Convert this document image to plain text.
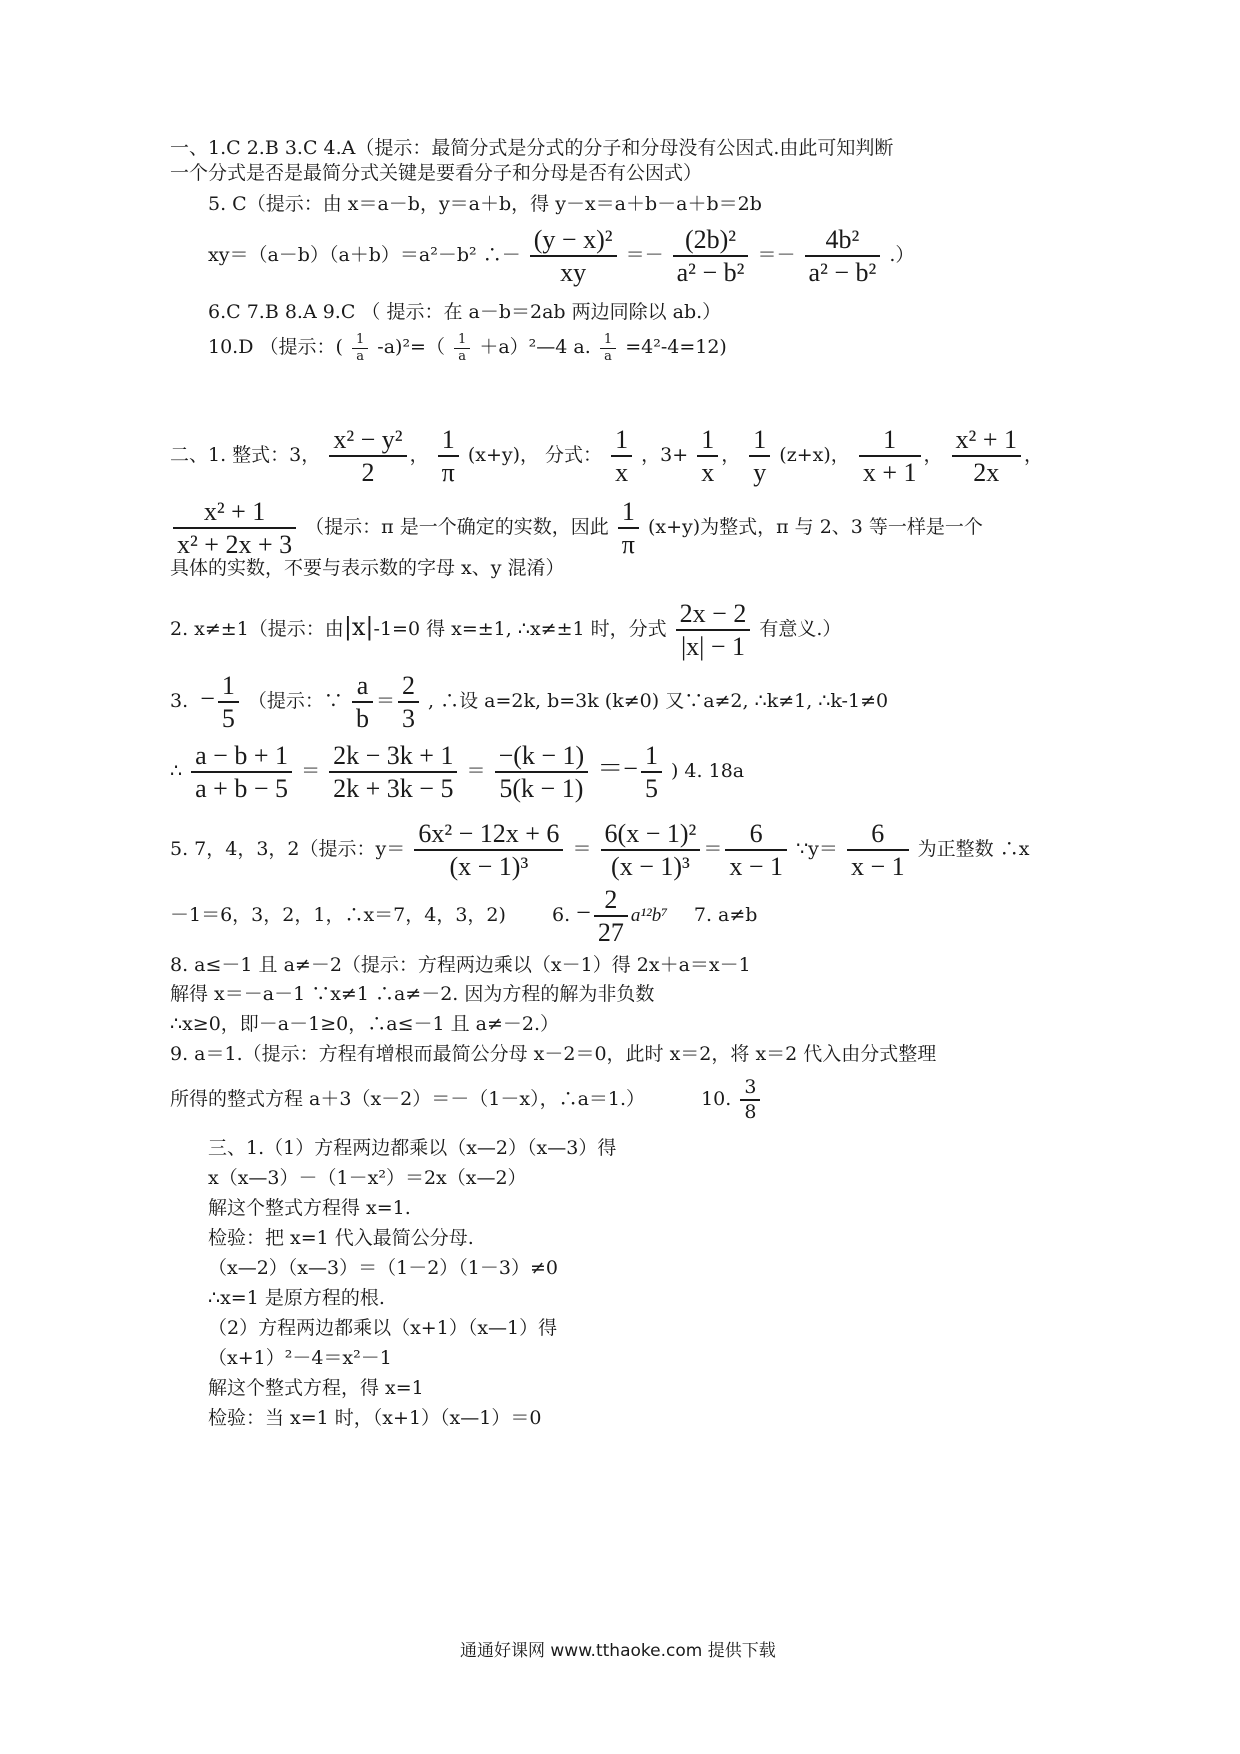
一、1.C 2.B 3.C 4.A（提示：最简分式是分式的分子和分母没有公因式.由此可知判断
一个分式是否是最简分式关键是要看分子和分母是否有公因式）
5. C（提示：由 x＝a－b，y＝a＋b，得 y－x＝a＋b－a＋b＝2b
xy＝（a－b）（a＋b）＝a²－b² ∴－ $\frac{\text{(y − x)²}}{xy} =- \frac{\text{(2b)²}}{\text{a² − b²}} =- \frac{\text{4b²}}{\text{a² − b²}}$ .）
6.C 7.B 8.A 9.C （ 提示：在 a－b＝2ab 两边同除以 ab.）
10.D （提示：( $\frac{1}{a} -a)^2=( \frac{1}{a}$ ＋a）²—4 a. $\frac{1}{a} =4^2-4=12$)
二、1. 整式：3， $\frac{\text{x² − y²}}{2}$ ， $\frac{1}{\pi} (x+y)$， 分式： $\frac{1}{x}$ ，$3+ \frac{1}{x}$ ， $\frac{1}{y} (z+x)$， $\frac{1}{x + 1}$ ， $\frac{\text{x² + 1}}{2x}$ ，
$\frac{\text{x² + 1}}{\text{x² + 2x + 3}}$ （提示：π 是一个确定的实数，因此 $\frac{1}{\pi} (x+y)$为整式，π 与 2、3 等一样是一个
具体的实数，不要与表示数的字母 x、y 混淆）
2. x≠±1（提示：由|x|-1=0 得 x=±1, ∴x≠±1 时，分式 $\frac{2x - 2}{|x| - 1}$ 有意义.）
3. − $\frac{1}{5}$ （提示：∵ $\frac{a}{b} = \frac{2}{3}$ , ∴设 a=2k, b=3k (k≠0) 又∵a≠2, ∴k≠1, ∴k-1≠0
∴ $\frac{a - b + 1}{a + b - 5} = \frac{2k - 3k + 1}{2k + 3k - 5} = \frac{-(k - 1)}{5(k - 1)} =- \frac{1}{5}$ ) 4. 18a
5. 7，4，3，2（提示：$y= \frac{\text{6x² − 12x + 6}}{\text{(x − 1)³}} = \frac{\text{6(x − 1)²}}{\text{(x − 1)³}} = \frac{6}{x - 1}$ ∵y＝ $\frac{6}{x - 1}$ 为正整数 ∴x
－1＝6，3，2，1，∴x＝7，4，3，2) 6. − $\frac{2}{27} a^{12}b^7$ 7. a≠b
8. a≤－1 且 a≠－2（提示：方程两边乘以（x－1）得 2x＋a＝x－1
解得 x＝－a－1 ∵x≠1 ∴a≠－2. 因为方程的解为非负数
∴x≥0，即－a－1≥0，∴a≤－1 且 a≠－2.）
9. a＝1.（提示：方程有增根而最简公分母 x－2＝0，此时 x＝2，将 x＝2 代入由分式整理
所得的整式方程 a＋3（x－2）＝－（1－x），∴a＝1.）	10. $\frac{3}{8}$
三、1.（1）方程两边都乘以（x—2）（x—3）得
x（x—3）－（1－x²）＝2x（x—2）
解这个整式方程得 x=1.
检验：把 x=1 代入最简公分母.
（x—2）（x—3）＝（1－2）（1－3）≠0
∴x=1 是原方程的根.
（2）方程两边都乘以（x+1）（x—1）得
（x+1）²－4＝x²－1
解这个整式方程，得 x=1
检验：当 x=1 时，（x+1）（x—1）＝0
通通好课网 www.tthaoke.com 提供下载
